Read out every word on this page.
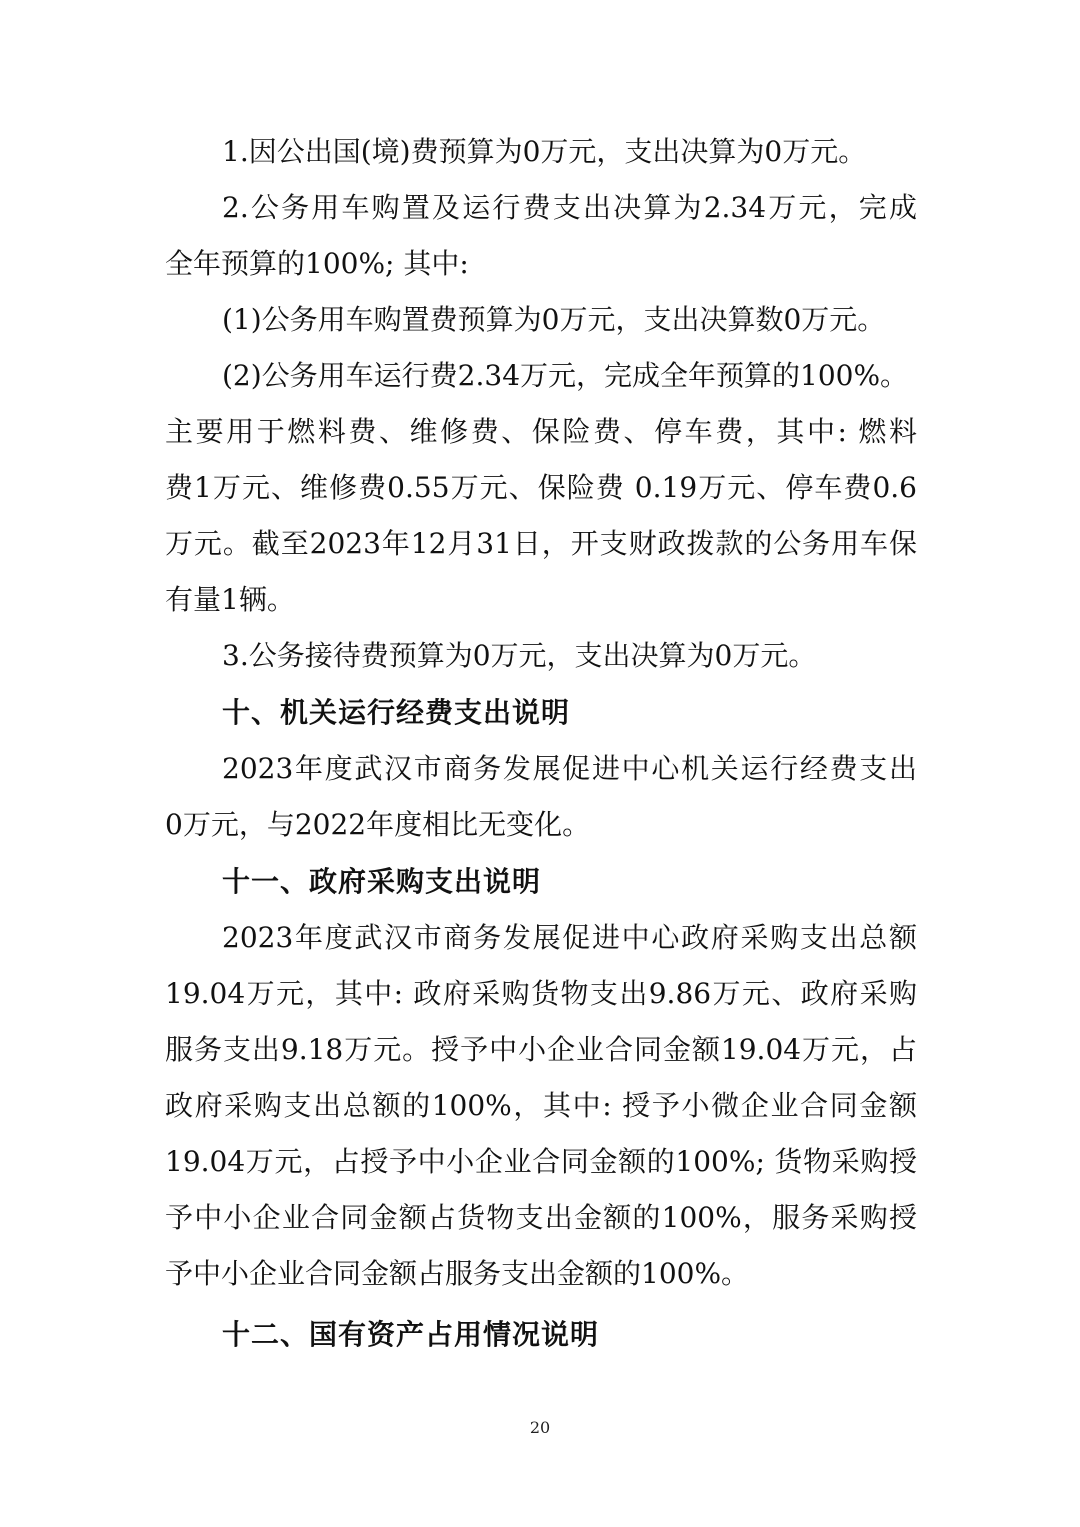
1.因公出国(境)费预算为0万元，支出决算为0万元。
2.公务用车购置及运行费支出决算为2.34万元，完成
全年预算的100%; 其中:
(1)公务用车购置费预算为0万元，支出决算数0万元。
(2)公务用车运行费2.34万元，完成全年预算的100%。
主要用于燃料费、维修费、保险费、停车费，其中: 燃料
费1万元、维修费0.55万元、保险费 0.19万元、停车费0.6
万元。截至2023年12月31日，开支财政拨款的公务用车保
有量1辆。
3.公务接待费预算为0万元，支出决算为0万元。
十、机关运行经费支出说明
2023年度武汉市商务发展促进中心机关运行经费支出
0万元，与2022年度相比无变化。
十一、政府采购支出说明
2023年度武汉市商务发展促进中心政府采购支出总额
19.04万元，其中: 政府采购货物支出9.86万元、政府采购
服务支出9.18万元。授予中小企业合同金额19.04万元，占
政府采购支出总额的100%，其中: 授予小微企业合同金额
19.04万元，占授予中小企业合同金额的100%; 货物采购授
予中小企业合同金额占货物支出金额的100%，服务采购授
予中小企业合同金额占服务支出金额的100%。
十二、国有资产占用情况说明
20
